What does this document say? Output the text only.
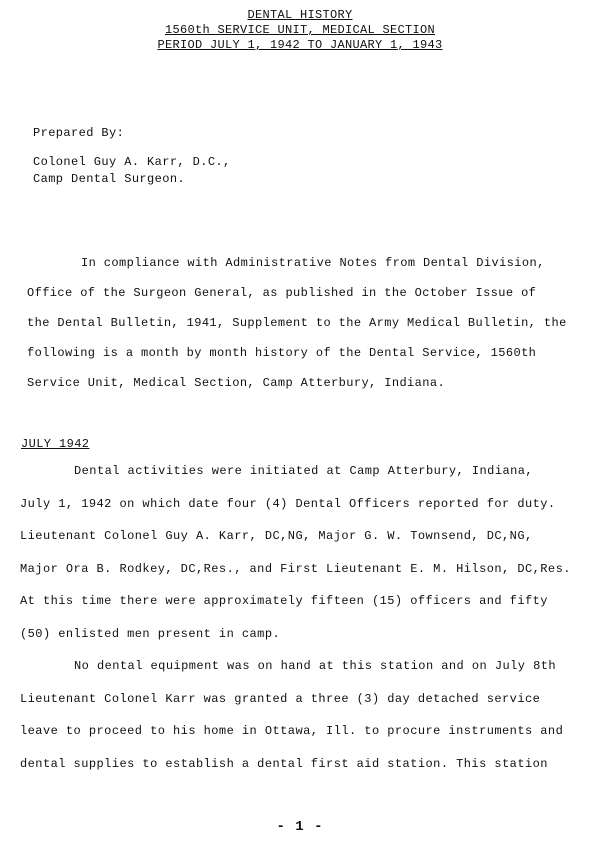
DENTAL HISTORY
1560th SERVICE UNIT, MEDICAL SECTION
PERIOD JULY 1, 1942 TO JANUARY 1, 1943
Prepared By:
Colonel Guy A. Karr, D.C.,
Camp Dental Surgeon.
In compliance with Administrative Notes from Dental Division,
Office of the Surgeon General, as published in the October Issue of
the Dental Bulletin, 1941, Supplement to the Army Medical Bulletin, the
following is a month by month history of the Dental Service, 1560th
Service Unit, Medical Section, Camp Atterbury, Indiana.
JULY 1942
Dental activities were initiated at Camp Atterbury, Indiana,
July 1, 1942 on which date four (4) Dental Officers reported for duty.
Lieutenant Colonel Guy A. Karr, DC,NG, Major G. W. Townsend, DC,NG,
Major Ora B. Rodkey, DC,Res., and First Lieutenant E. M. Hilson, DC,Res.
At this time there were approximately fifteen (15) officers and fifty
(50) enlisted men present in camp.
No dental equipment was on hand at this station and on July 8th
Lieutenant Colonel Karr was granted a three (3) day detached service
leave to proceed to his home in Ottawa, Ill. to procure instruments and
dental supplies to establish a dental first aid station. This station
- 1 -
